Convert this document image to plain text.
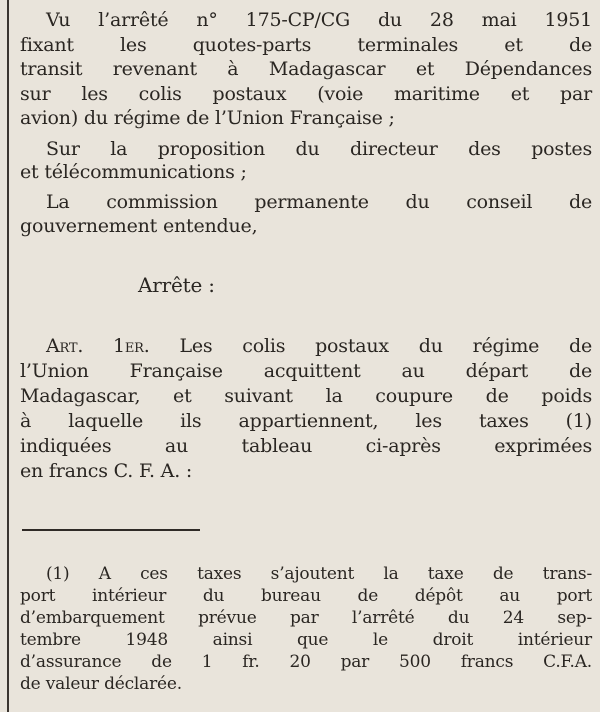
Vu l’arrêté n° 175-CP/CG du 28 mai 1951
fixant les quotes-parts terminales et de
transit revenant à Madagascar et Dépendances
sur les colis postaux (voie maritime et par
avion) du régime de l’Union Française ;
Sur la proposition du directeur des postes
et télécommunications ;
La commission permanente du conseil de
gouvernement entendue,
Arrête :
Art. 1er. Les colis postaux du régime de
l’Union Française acquittent au départ de
Madagascar, et suivant la coupure de poids
à laquelle ils appartiennent, les taxes (1)
indiquées au tableau ci-après exprimées
en francs C. F. A. :
(1) A ces taxes s’ajoutent la taxe de trans-
port intérieur du bureau de dépôt au port
d’embarquement prévue par l’arrêté du 24 sep-
tembre 1948 ainsi que le droit intérieur
d’assurance de 1 fr. 20 par 500 francs C.F.A.
de valeur déclarée.
